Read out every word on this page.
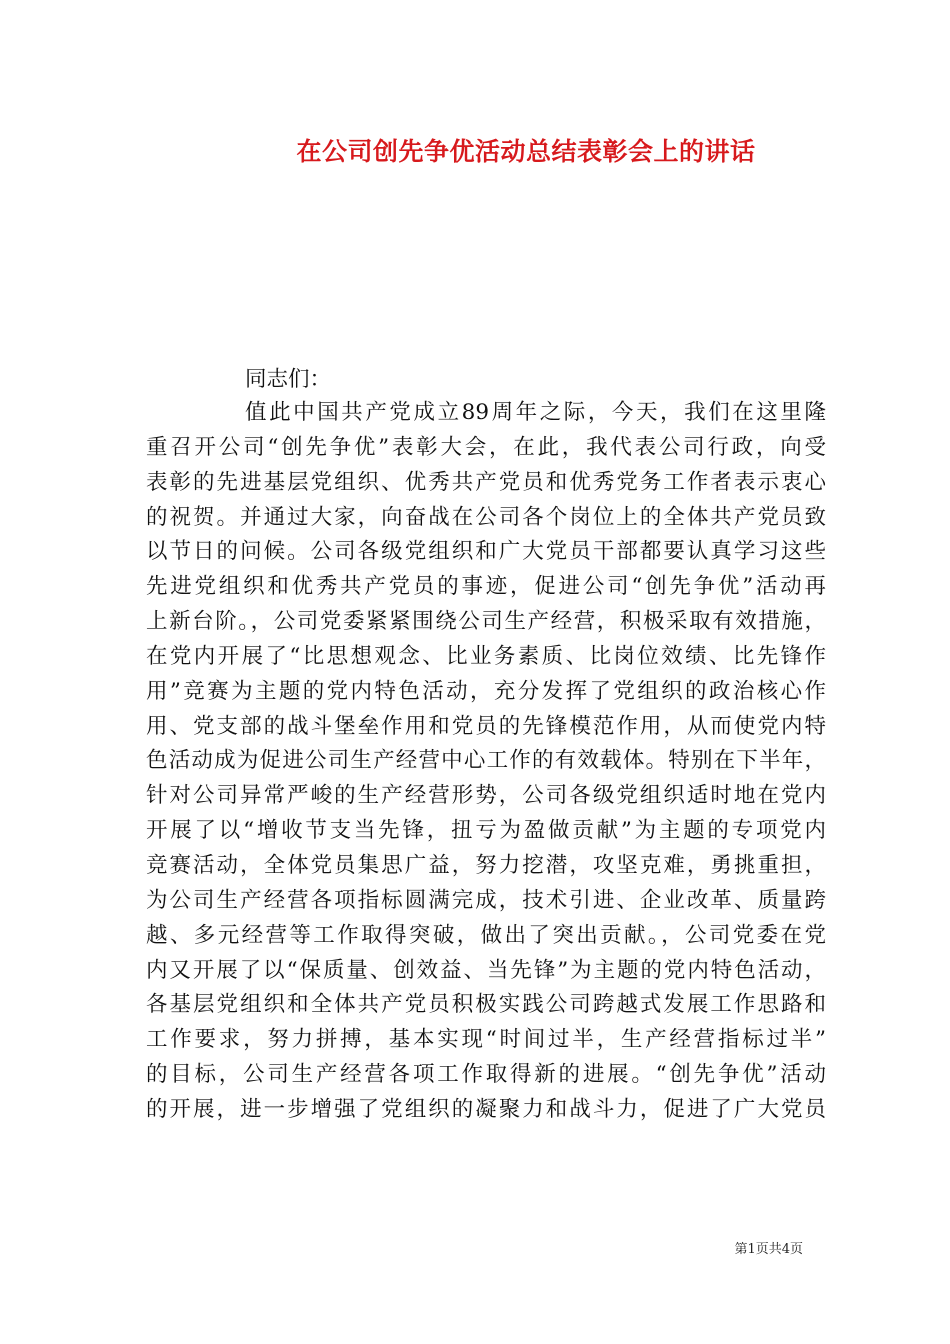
在公司创先争优活动总结表彰会上的讲话
同志们：
值此中国共产党成立89周年之际，今天，我们在这里隆
重召开公司“创先争优”表彰大会，在此，我代表公司行政，向受
表彰的先进基层党组织、优秀共产党员和优秀党务工作者表示衷心
的祝贺。并通过大家，向奋战在公司各个岗位上的全体共产党员致
以节日的问候。公司各级党组织和广大党员干部都要认真学习这些
先进党组织和优秀共产党员的事迹，促进公司“创先争优”活动再
上新台阶。，公司党委紧紧围绕公司生产经营，积极采取有效措施，
在党内开展了“比思想观念、比业务素质、比岗位效绩、比先锋作
用”竞赛为主题的党内特色活动，充分发挥了党组织的政治核心作
用、党支部的战斗堡垒作用和党员的先锋模范作用，从而使党内特
色活动成为促进公司生产经营中心工作的有效载体。特别在下半年，
针对公司异常严峻的生产经营形势，公司各级党组织适时地在党内
开展了以“增收节支当先锋，扭亏为盈做贡献”为主题的专项党内
竞赛活动，全体党员集思广益，努力挖潜，攻坚克难，勇挑重担，
为公司生产经营各项指标圆满完成，技术引进、企业改革、质量跨
越、多元经营等工作取得突破，做出了突出贡献。，公司党委在党
内又开展了以“保质量、创效益、当先锋”为主题的党内特色活动，
各基层党组织和全体共产党员积极实践公司跨越式发展工作思路和
工作要求，努力拼搏，基本实现“时间过半，生产经营指标过半”
的目标，公司生产经营各项工作取得新的进展。“创先争优”活动
的开展，进一步增强了党组织的凝聚力和战斗力，促进了广大党员
第1页共4页
